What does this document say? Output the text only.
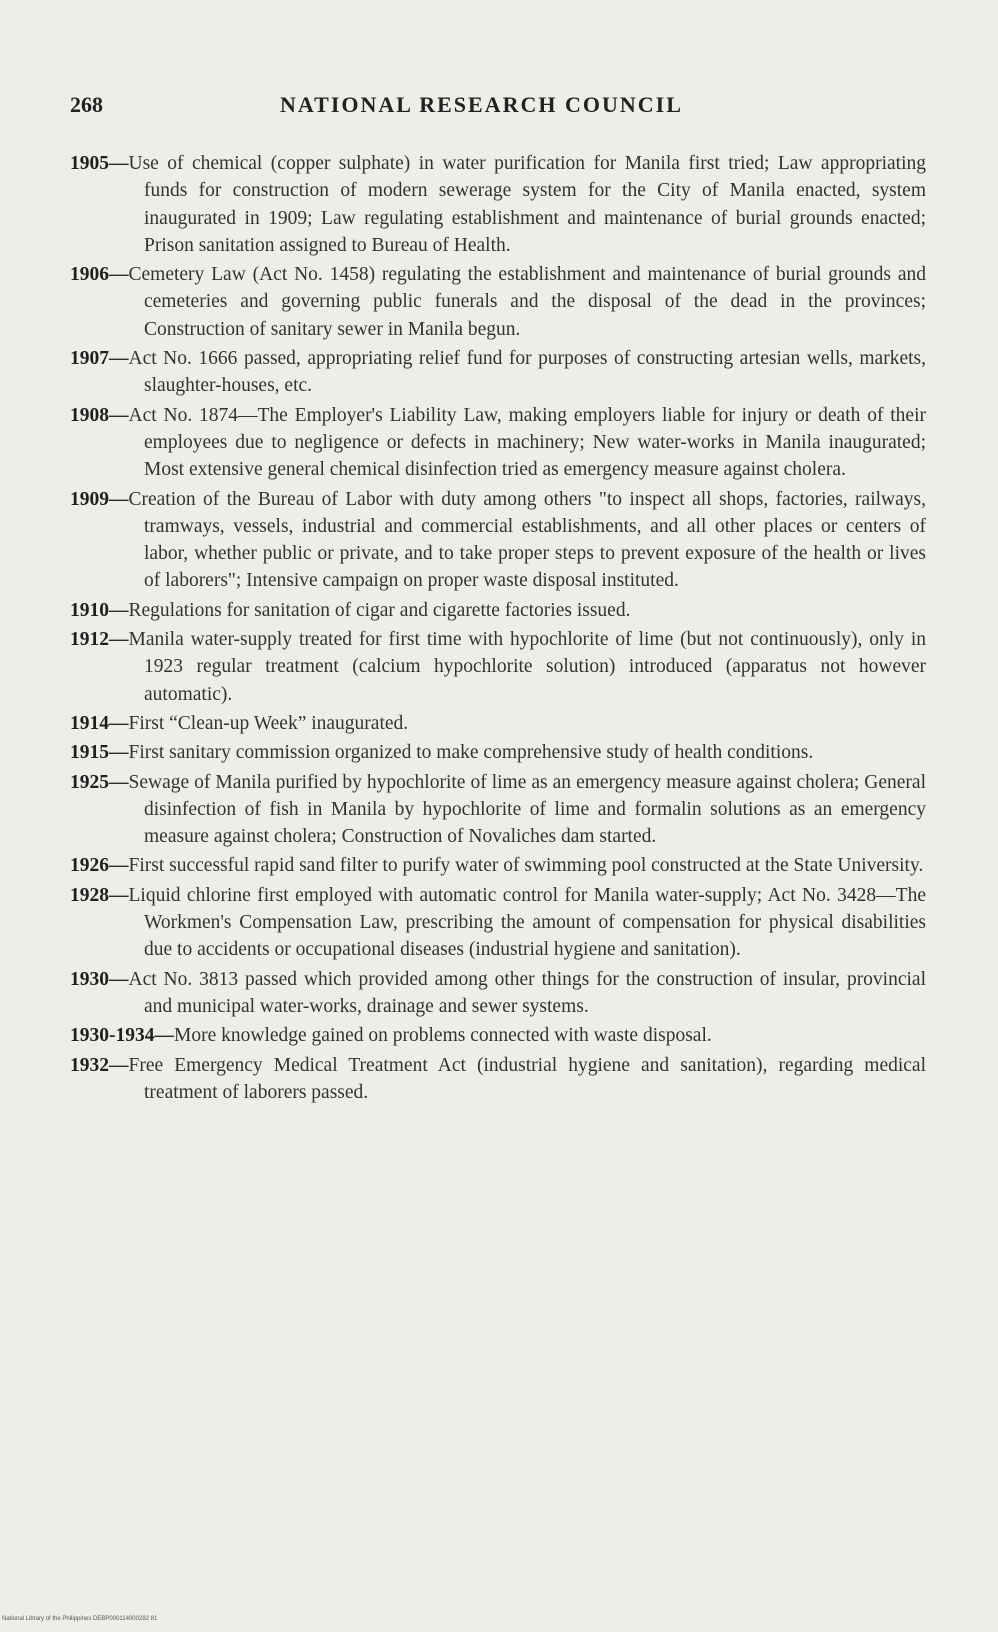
268	NATIONAL RESEARCH COUNCIL

1905—Use of chemical (copper sulphate) in water purification for Manila first tried; Law appropriating funds for construction of modern sewerage system for the City of Manila enacted, system inaugurated in 1909; Law regulating establishment and maintenance of burial grounds enacted; Prison sanitation assigned to Bureau of Health.

1906—Cemetery Law (Act No. 1458) regulating the establishment and maintenance of burial grounds and cemeteries and governing public funerals and the disposal of the dead in the provinces; Construction of sanitary sewer in Manila begun.

1907—Act No. 1666 passed, appropriating relief fund for purposes of constructing artesian wells, markets, slaughter-houses, etc.

1908—Act No. 1874—The Employer's Liability Law, making employers liable for injury or death of their employees due to negligence or defects in machinery; New water-works in Manila inaugurated; Most extensive general chemical disinfection tried as emergency measure against cholera.

1909—Creation of the Bureau of Labor with duty among others "to inspect all shops, factories, railways, tramways, vessels, industrial and commercial establishments, and all other places or centers of labor, whether public or private, and to take proper steps to prevent exposure of the health or lives of laborers"; Intensive campaign on proper waste disposal instituted.

1910—Regulations for sanitation of cigar and cigarette factories issued.

1912—Manila water-supply treated for first time with hypochlorite of lime (but not continuously), only in 1923 regular treatment (calcium hypochlorite solution) introduced (apparatus not however automatic).

1914—First “Clean-up Week” inaugurated.

1915—First sanitary commission organized to make comprehensive study of health conditions.

1925—Sewage of Manila purified by hypochlorite of lime as an emergency measure against cholera; General disinfection of fish in Manila by hypochlorite of lime and formalin solutions as an emergency measure against cholera; Construction of Novaliches dam started.

1926—First successful rapid sand filter to purify water of swimming pool constructed at the State University.

1928—Liquid chlorine first employed with automatic control for Manila water-supply; Act No. 3428—The Workmen's Compensation Law, prescribing the amount of compensation for physical disabilities due to accidents or occupational diseases (industrial hygiene and sanitation).

1930—Act No. 3813 passed which provided among other things for the construction of insular, provincial and municipal water-works, drainage and sewer systems.

1930-1934—More knowledge gained on problems connected with waste disposal.

1932—Free Emergency Medical Treatment Act (industrial hygiene and sanitation), regarding medical treatment of laborers passed.

National Library of the Philippines DEBP000114000282 81
